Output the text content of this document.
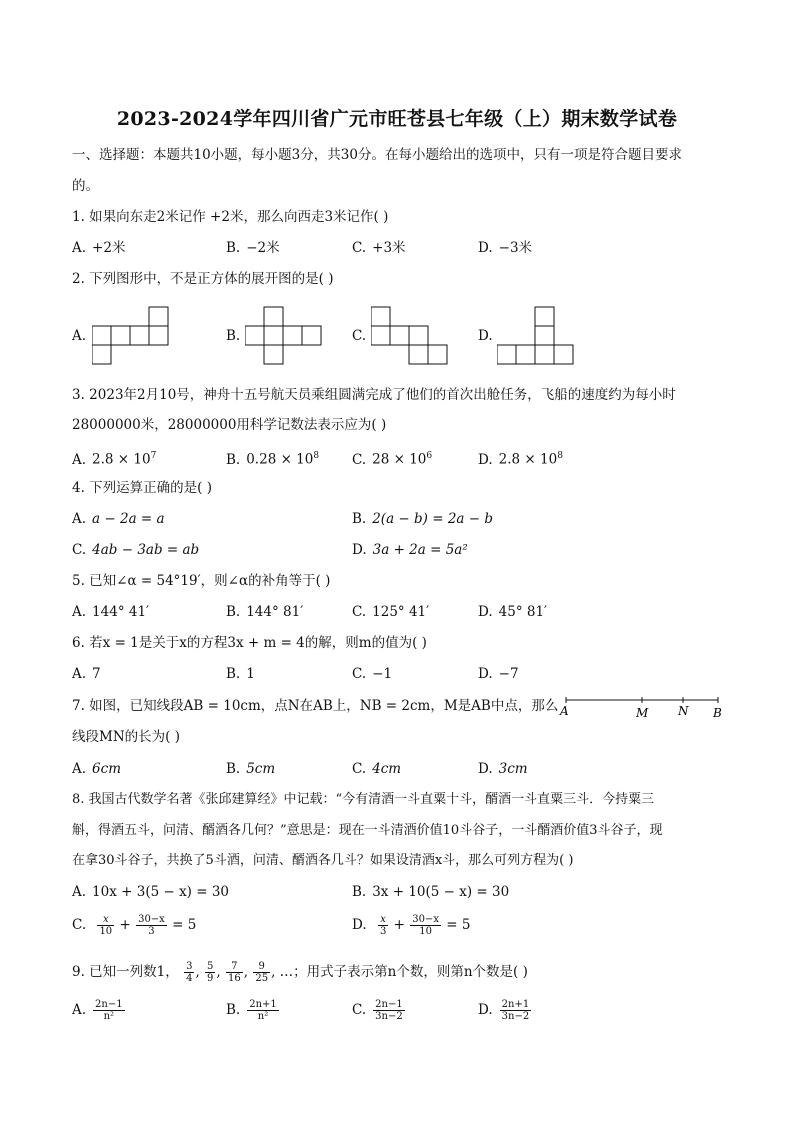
2023-2024学年四川省广元市旺苍县七年级（上）期末数学试卷
一、选择题：本题共10小题，每小题3分，共30分。在每小题给出的选项中，只有一项是符合题目要求
的。
1. 如果向东走2米记作 +2米，那么向西走3米记作( )
A. +2米	B. −2米	C. +3米	D. −3米
2. 下列图形中，不是正方体的展开图的是( )
A.	B.	C.	D.
3. 2023年2月10号，神舟十五号航天员乘组圆满完成了他们的首次出舱任务，飞船的速度约为每小时
28000000米，28000000用科学记数法表示应为( )
A. $2.8 \times 10^7$	B. $0.28 \times 10^8$ C. $28 \times 10^6$	D. $2.8 \times 10^8$
4. 下列运算正确的是( )
A. a − 2a = a	B. 2(a − b) = 2a − b
C. 4ab − 3ab = ab	D. 3a + 2a = 5a²
5. 已知∠α = 54°19′，则∠α的补角等于( )
A. 144° 41′	B. 144° 81′	C. 125° 41′	D. 45° 81′
6. 若x = 1是关于x的方程3x + m = 4的解，则m的值为( )
A. 7	B. 1	C. −1	D. −7
7. 如图，已知线段AB = 10cm，点N在AB上，NB = 2cm，M是AB中点，那么
线段MN的长为( )
A	M N B
A. 6cm	B. 5cm	C. 4cm	D. 3cm
8. 我国古代数学名著《张邱建算经》中记载：“今有清酒一斗直粟十斗，醑酒一斗直粟三斗．今持粟三
斛，得酒五斗，问清、醑酒各几何？”意思是：现在一斗清酒价值10斗谷子，一斗醑酒价值3斗谷子，现
在拿30斗谷子，共换了5斗酒，问清、醑酒各几斗？如果设清酒x斗，那么可列方程为( )
A. 10x + 3(5 − x) = 30	B. 3x + 10(5 − x) = 30
C. $\frac{x}{10} + \frac{30-x}{3} = 5$	D. $\frac{x}{3} + \frac{30-x}{10} = 5$
9. 已知一列数1， $\frac{3}{4}$ , $\frac{5}{9}$ , $\frac{7}{16}$ , $\frac{9}{25}$ , …；用式子表示第n个数，则第n个数是( )
A. $\frac{2n-1}{\text{n²}}$	B. $\frac{2n+1}{\text{n²}}$	C. $\frac{2n-1}{3n-2}$	D. $\frac{2n+1}{3n-2}$
